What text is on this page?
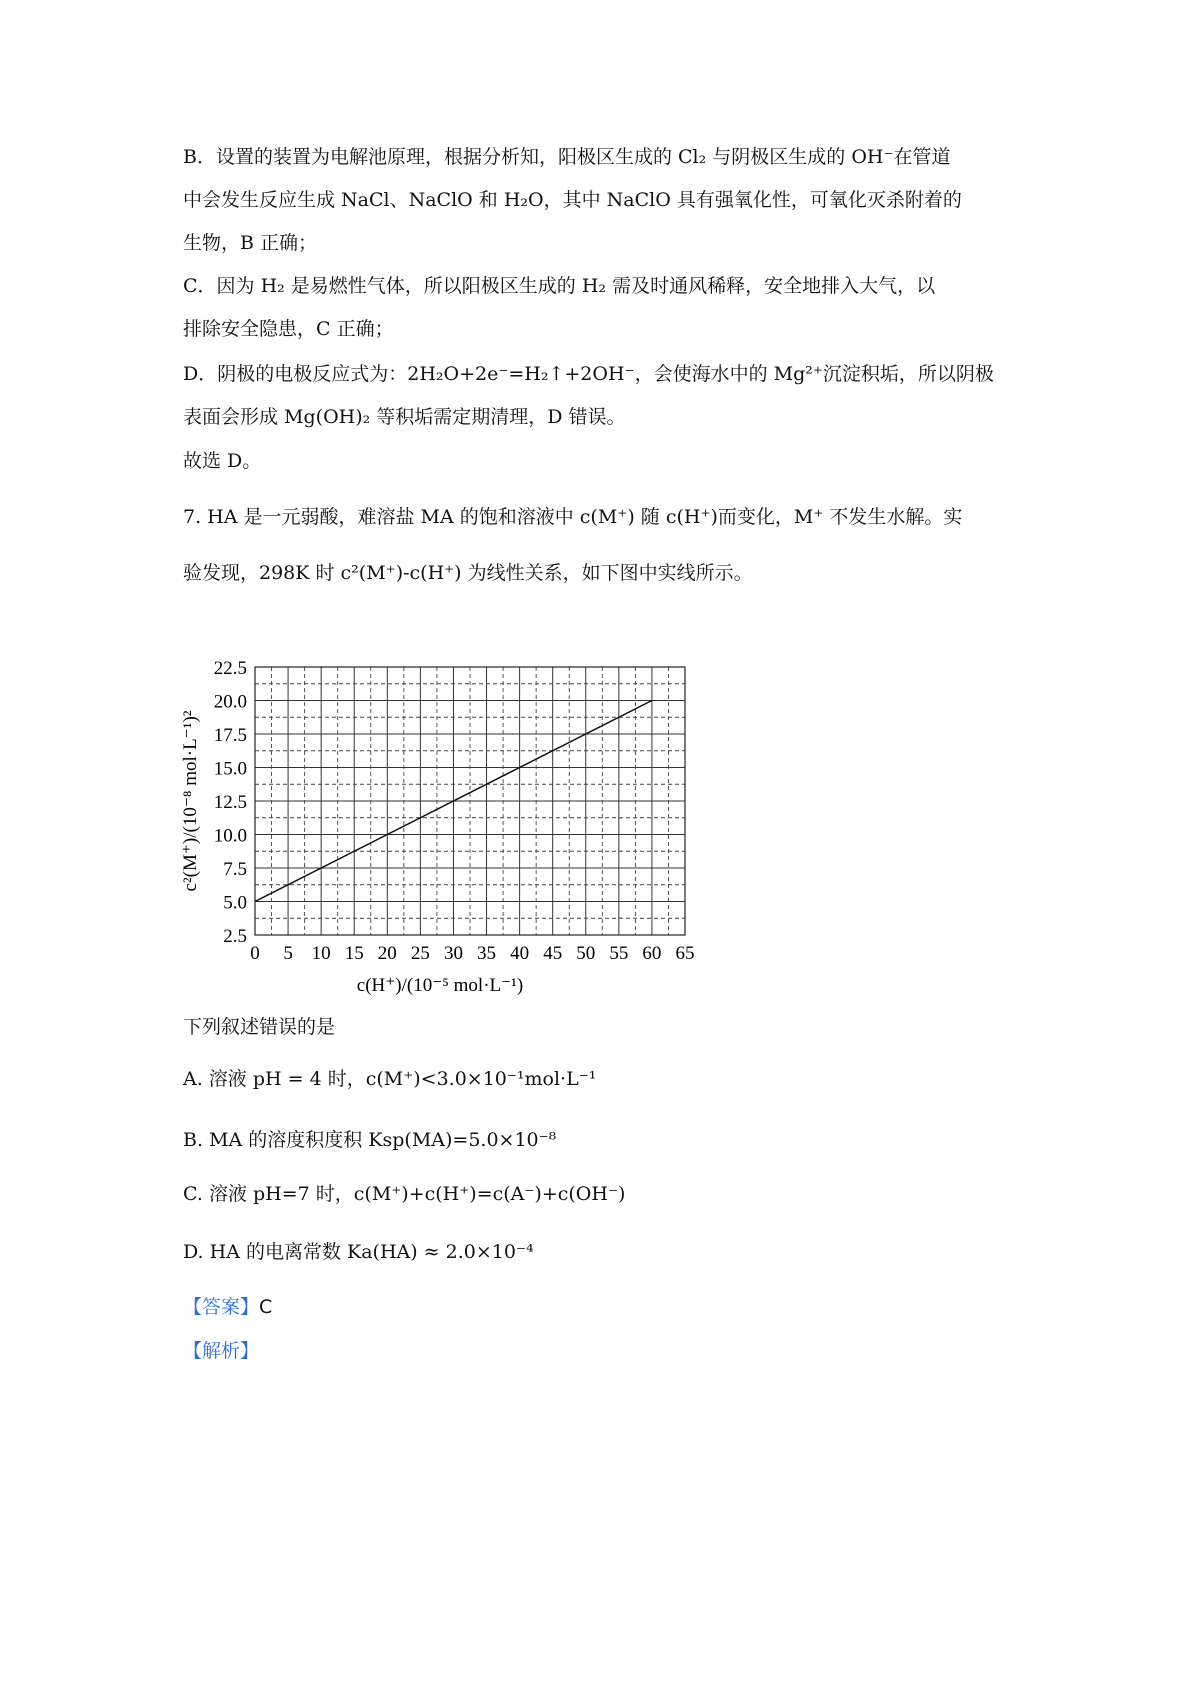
B．设置的装置为电解池原理，根据分析知，阳极区生成的 Cl₂ 与阴极区生成的 OH⁻在管道
中会发生反应生成 NaCl、NaClO 和 H₂O，其中 NaClO 具有强氧化性，可氧化灭杀附着的
生物，B 正确；
C．因为 H₂ 是易燃性气体，所以阳极区生成的 H₂ 需及时通风稀释，安全地排入大气，以
排除安全隐患，C 正确；
D．阴极的电极反应式为：2H₂O+2e⁻=H₂↑+2OH⁻，会使海水中的 Mg²⁺沉淀积垢，所以阴极
表面会形成 Mg(OH)₂ 等积垢需定期清理，D 错误。
故选 D。
7. HA 是一元弱酸，难溶盐 MA 的饱和溶液中 c(M⁺) 随 c(H⁺)而变化，M⁺ 不发生水解。实
验发现，298K 时 c²(M⁺)-c(H⁺) 为线性关系，如下图中实线所示。
0 5 10 15 20 25 30 35 40 45 50 55 60 65
2.5
5.0
7.5
10.0
12.5
15.0
17.5
20.0
22.5
c(H⁺)/(10⁻⁵ mol·L⁻¹)
c²(M⁺)/(10⁻⁸ mol·L⁻¹)²
下列叙述错误的是
A. 溶液 pH = 4 时，c(M⁺)<3.0×10⁻¹mol·L⁻¹
B. MA 的溶度积度积 Ksp(MA)=5.0×10⁻⁸
C. 溶液 pH=7 时，c(M⁺)+c(H⁺)=c(A⁻)+c(OH⁻)
D. HA 的电离常数 Ka(HA) ≈ 2.0×10⁻⁴
【答案】C
【解析】
